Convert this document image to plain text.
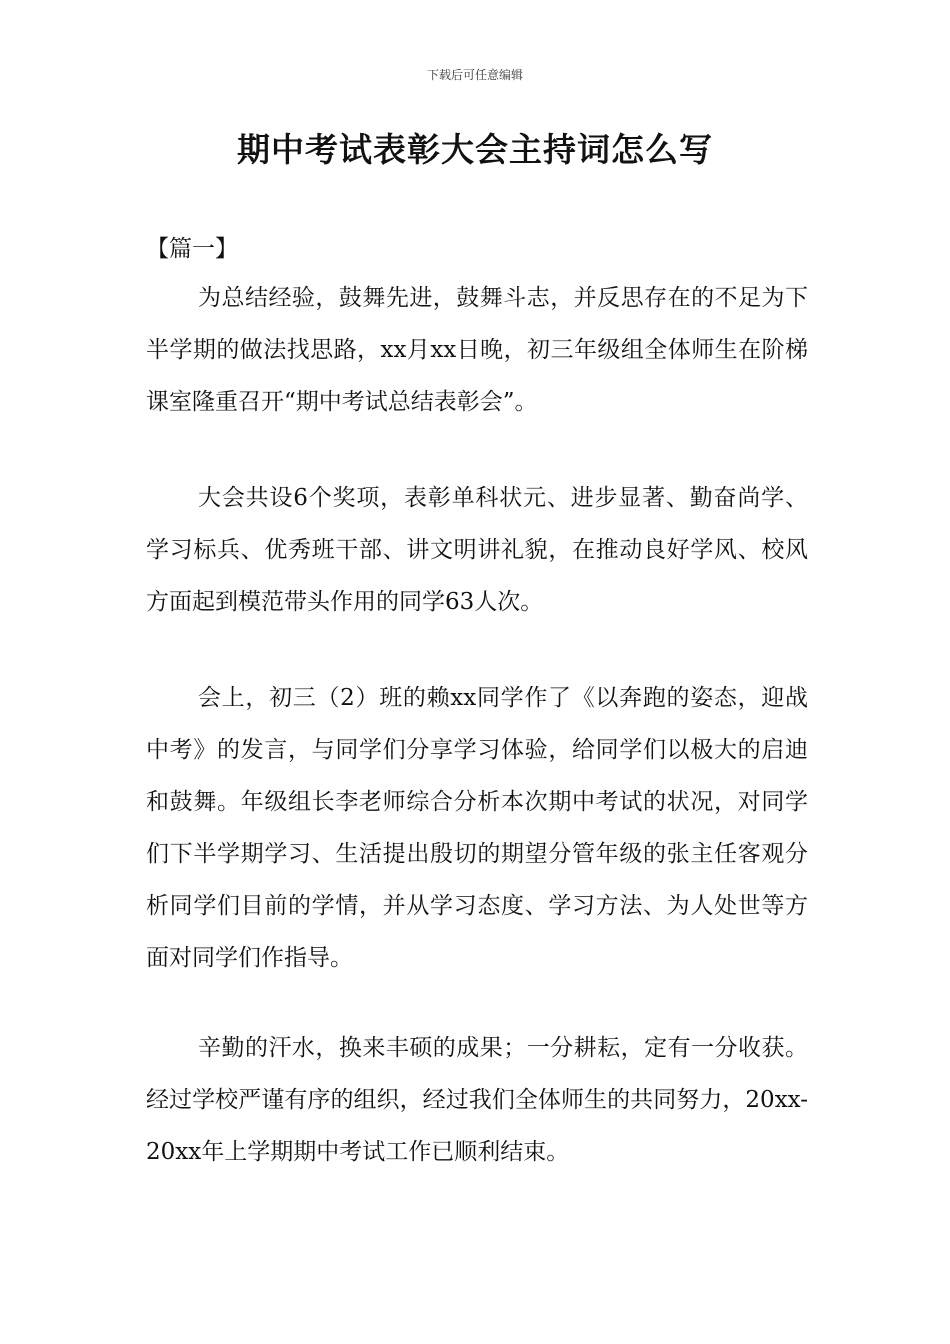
下载后可任意编辑
期中考试表彰大会主持词怎么写
【篇一】

为总结经验，鼓舞先进，鼓舞斗志，并反思存在的不足为下半学期的做法找思路，xx月xx日晚，初三年级组全体师生在阶梯课室隆重召开“期中考试总结表彰会”。

大会共设6个奖项，表彰单科状元、进步显著、勤奋尚学、学习标兵、优秀班干部、讲文明讲礼貌，在推动良好学风、校风方面起到模范带头作用的同学63人次。

会上，初三（2）班的赖xx同学作了《以奔跑的姿态，迎战中考》的发言，与同学们分享学习体验，给同学们以极大的启迪和鼓舞。年级组长李老师综合分析本次期中考试的状况，对同学们下半学期学习、生活提出殷切的期望分管年级的张主任客观分析同学们目前的学情，并从学习态度、学习方法、为人处世等方面对同学们作指导。

辛勤的汗水，换来丰硕的成果；一分耕耘，定有一分收获。经过学校严谨有序的组织，经过我们全体师生的共同努力，20xx-20xx年上学期期中考试工作已顺利结束。
